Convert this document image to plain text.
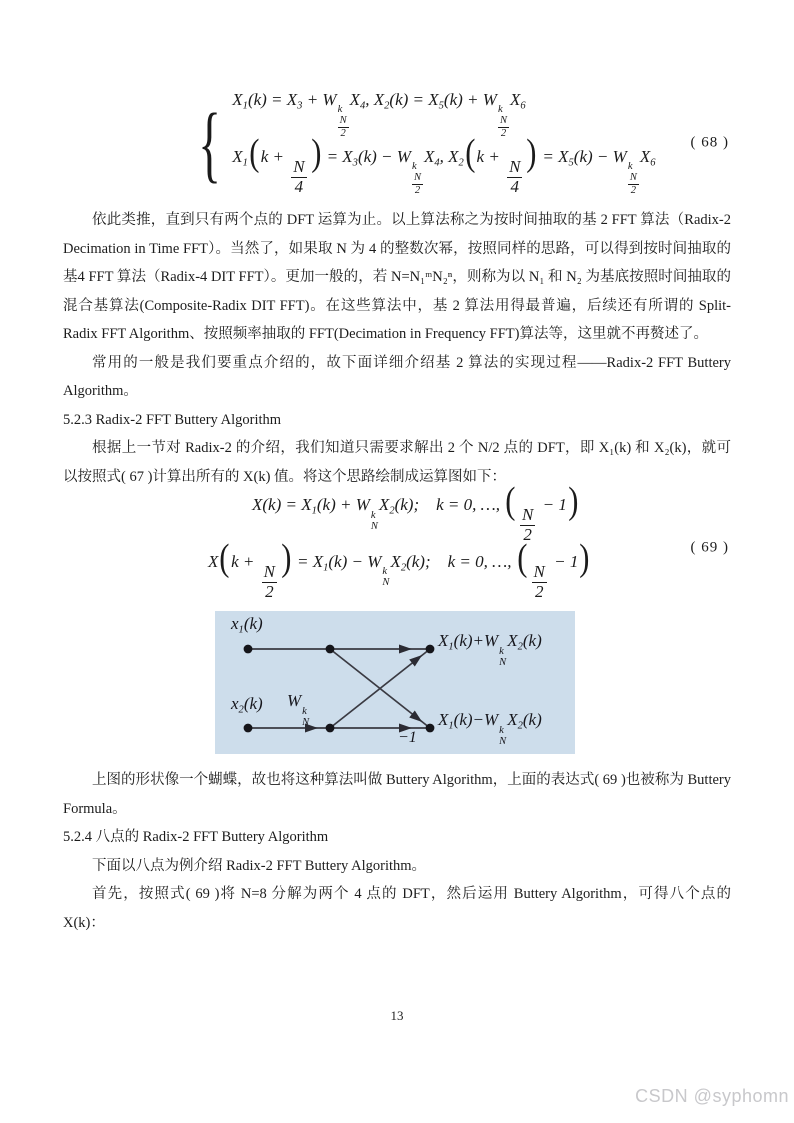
{ $X_1(k) = X_3 + W$
k
$\frac{N}{2}$
$X_4$, $X_2(k) = X_5(k) + W$
k
$\frac{N}{2}$
$X_6$
$X_1(k$ +
$\frac{N}{4}$
) = $X_3(k) - W$
k
$\frac{N}{2}$
$X_4$, $X_2(k$ +
$\frac{N}{4}$
) = $X_5(k) - W$
k
$\frac{N}{2}$
$X_6$
( 68 )

依此类推，直到只有两个点的 DFT 运算为止。以上算法称之为按时间抽取的基 2 FFT 算法（Radix-2 Decimation in Time FFT）。当然了，如果取 N 为 4 的整数次幂，按照同样的思路，可以得到按时间抽取的基4 FFT 算法（Radix-4 DIT FFT）。更加一般的，若 N=N₁ᵐN₂ⁿ，则称为以 N₁ 和 N₂ 为基底按照时间抽取的混合基算法(Composite-Radix DIT FFT)。在这些算法中，基 2 算法用得最普遍，后续还有所谓的 Split-Radix FFT Algorithm、按照频率抽取的 FFT(Decimation in Frequency FFT)算法等，这里就不再赘述了。

常用的一般是我们要重点介绍的，故下面详细介绍基 2 算法的实现过程——Radix-2 FFT Buttery Algorithm。

5.2.3 Radix-2 FFT Buttery Algorithm

根据上一节对 Radix-2 的介绍，我们知道只需要求解出 2 个 N/2 点的 DFT，即 X₁(k) 和 X₂(k)，就可以按照式( 67 )计算出所有的 X(k) 值。将这个思路绘制成运算图如下：

$X(k) = X_1(k) + W$
k
N
$X_2(k)$;  k = 0, …, (
$\frac{N}{2}$
− 1)
X(k +
$\frac{N}{2}$
) = $X_1(k) - W$
k
N
$X_2(k)$;  k = 0, …, (
$\frac{N}{2}$
− 1)	( 69 )
$x_1(k)$
$x_2(k)$ W
k
N
−1
$X_1(k)+W$
k
N
$X_2(k)$
$X_1(k)-W$
k
N
$X_2(k)$

上图的形状像一个蝴蝶，故也将这种算法叫做 Buttery Algorithm，上面的表达式( 69 )也被称为 Buttery Formula。

5.2.4 八点的 Radix-2 FFT Buttery Algorithm

下面以八点为例介绍 Radix-2 FFT Buttery Algorithm。

首先，按照式( 69 )将 N=8 分解为两个 4 点的 DFT，然后运用 Buttery Algorithm，可得八个点的 X(k)：

13
CSDN @syphomn
